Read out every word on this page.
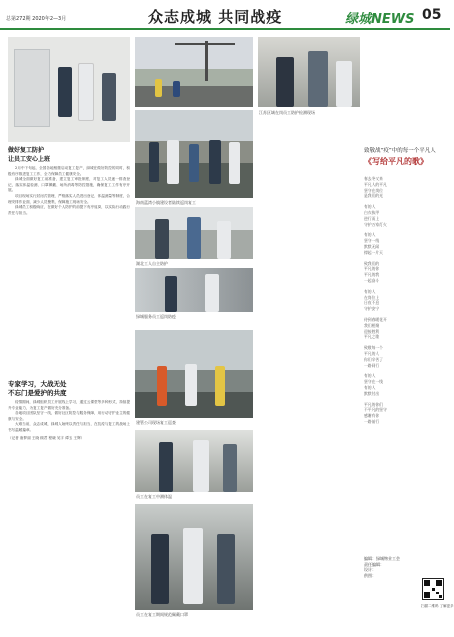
总第272期 2020年2—3月	众志成城 共同战疫	绿城NEWS 05
江苏区域在岗员工防护检测现场
海南蓝湾小镇建设者陆续返岗复工
湖北工人自主防护
绿城服务员工返岗防疫
建管公司现场复工巡查
员工在复工中测体温
员工在复工期间规范佩戴口罩
做好复工防护
让员工安心上班

2月中下旬起，全国各地相继启动复工复产，绿城在做好防控的同时，积极有序推进复工工作，全力保障员工健康安全。

绿城全面做好复工前准备，建立复工审批制度，对复工人员逐一排查登记，落实体温检测、口罩佩戴、场所消毒等防控措施，确保复工工作有序开展。

项目现场实行封闭式管理，严格落实人员进出登记、体温测量等制度，合理安排作业面，减少人员聚集，保障施工现场安全。

绿城员工积极响应，在做好个人防护的前提下有序返岗，以实际行动践行责任与担当。

专家学习，大战无处
不忘门是爱护的共度

疫情期间，绿城组织员工开展线上学习，通过云课堂等多种形式，持续提升专业能力，为复工复产做好充分准备。

各地项目团队坚守一线，做好社区防控与服务保障，用行动守护业主的健康与安全。

大难当前，众志成城，绿城人始终以责任与担当，在抗疫与复工的战场上书写温暖篇章。

（记者 唐梦丽 王晓 顾君 程晓 吴宇 谭玉 王辉）

致敬战“疫”中的每一个平凡人
《写给平凡的歌》
春去冬又来
平凡人的平凡
坚守在岗位
是我们的光
有的人
白衣执甲
逆行而上
守护万家灯火
有的人
坚守一线
默默无闻
撑起一片天
致我们的
平凡的你
平凡的我
一起奋斗
有的人
在岗位上
日夜不息
守护安宁
待到春暖花开
我们相聚
迎接胜利
平凡之歌
致敬每一个
平凡的人
你们辛苦了
一路同行
有的人
坚守在一线
有的人
默默付出
平凡的你们
不平凡的坚守
感谢有你
一路前行
编辑：绿城物业工会
责任编辑：
设计：
供图：
扫描二维码 了解更多
